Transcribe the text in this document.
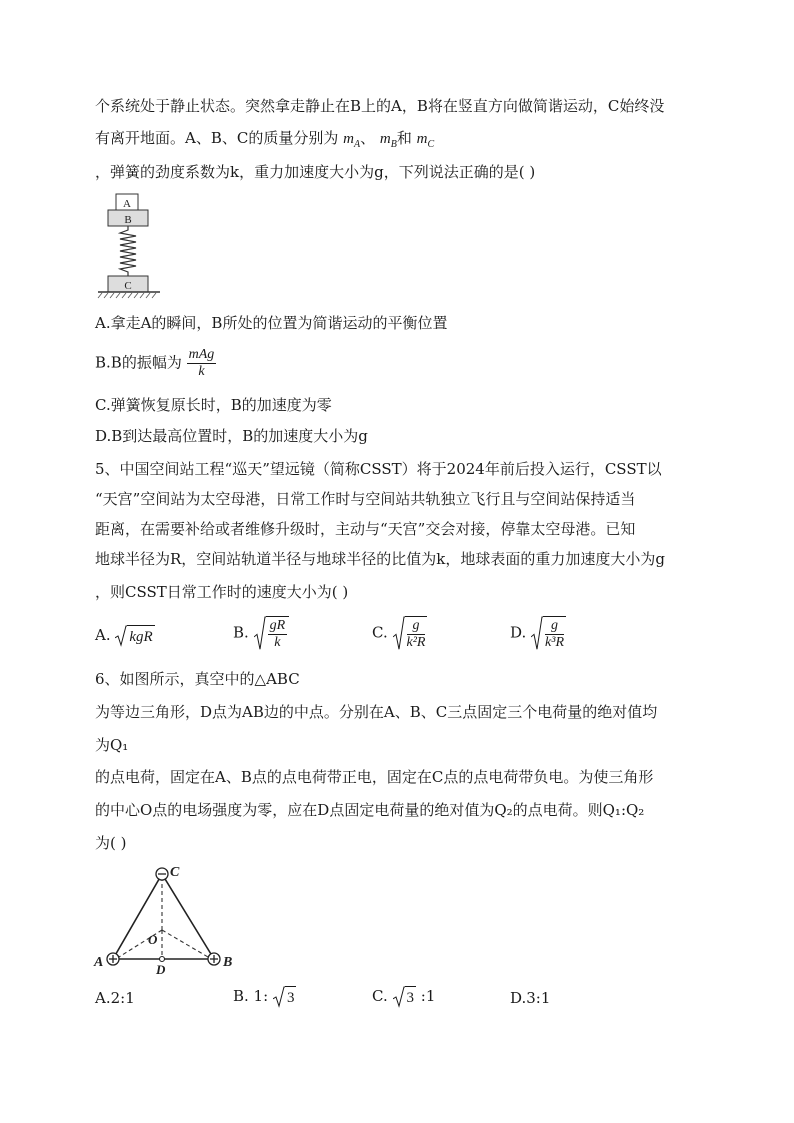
个系统处于静止状态。突然拿走静止在B上的A，B将在竖直方向做简谐运动，C始终没
有离开地面。A、B、C的质量分别为 $m_A$、 $m_B$和 $m_C$
，弹簧的劲度系数为k，重力加速度大小为g，下列说法正确的是( )
A
B
C
A.拿走A的瞬间，B所处的位置为简谐运动的平衡位置
B.B的振幅为 $\frac{\text{mAg}}{k}$
C.弹簧恢复原长时，B的加速度为零
D.B到达最高位置时，B的加速度大小为g
5、中国空间站工程“巡天”望远镜（简称CSST）将于2024年前后投入运行，CSST以
“天宫”空间站为太空母港，日常工作时与空间站共轨独立飞行且与空间站保持适当
距离，在需要补给或者维修升级时，主动与“天宫”交会对接，停靠太空母港。已知
地球半径为R，空间站轨道半径与地球半径的比值为k，地球表面的重力加速度大小为g
，则CSST日常工作时的速度大小为( )
A. kgR	B. $\frac{gR}{k}$	C. $\frac{g}{\text{k²R}}$	D. $\frac{g}{\text{k³R}}$
6、如图所示，真空中的△ABC
为等边三角形，D点为AB边的中点。分别在A、B、C三点固定三个电荷量的绝对值均
为Q₁
的点电荷，固定在A、B点的点电荷带正电，固定在C点的点电荷带负电。为使三角形
的中心O点的电场强度为零，应在D点固定电荷量的绝对值为Q₂的点电荷。则Q₁:Q₂
为( )
C
A	B
D
O
A.2:1	B. 1: 3	C. 3 :1	D.3:1
